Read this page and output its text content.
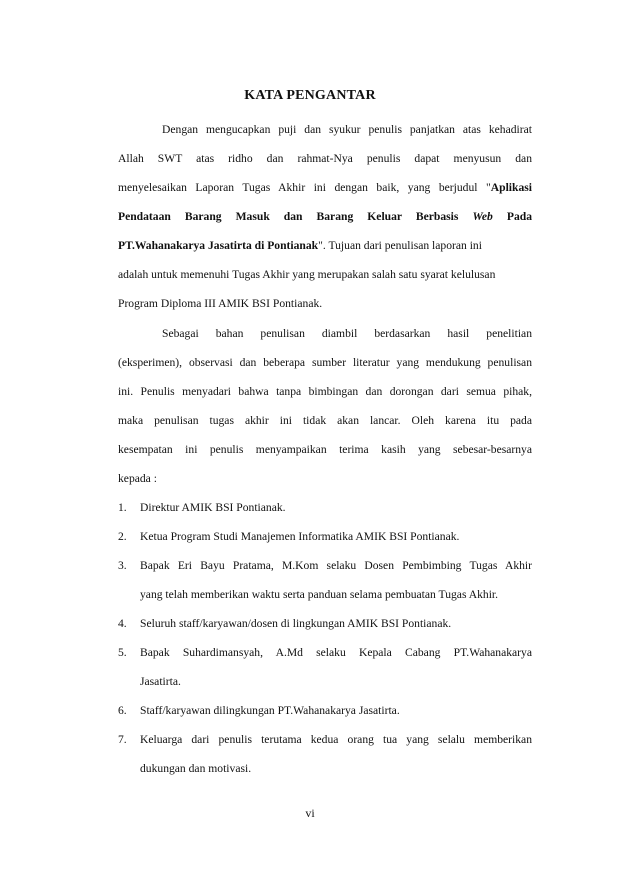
KATA PENGANTAR
Dengan mengucapkan puji dan syukur penulis panjatkan atas kehadirat
Allah SWT atas ridho dan rahmat-Nya penulis dapat menyusun dan
menyelesaikan Laporan Tugas Akhir ini dengan baik, yang berjudul "Aplikasi
Pendataan Barang Masuk dan Barang Keluar Berbasis Web Pada
PT.Wahanakarya Jasatirta di Pontianak". Tujuan dari penulisan laporan ini
adalah untuk memenuhi Tugas Akhir yang merupakan salah satu syarat kelulusan
Program Diploma III AMIK BSI Pontianak.
Sebagai bahan penulisan diambil berdasarkan hasil penelitian
(eksperimen), observasi dan beberapa sumber literatur yang mendukung penulisan
ini. Penulis menyadari bahwa tanpa bimbingan dan dorongan dari semua pihak,
maka penulisan tugas akhir ini tidak akan lancar. Oleh karena itu pada
kesempatan ini penulis menyampaikan terima kasih yang sebesar-besarnya
kepada :
1.	Direktur AMIK BSI Pontianak.
2.	Ketua Program Studi Manajemen Informatika AMIK BSI Pontianak.
3.	Bapak Eri Bayu Pratama, M.Kom selaku Dosen Pembimbing Tugas Akhir
yang telah memberikan waktu serta panduan selama pembuatan Tugas Akhir.
4.	Seluruh staff/karyawan/dosen di lingkungan AMIK BSI Pontianak.
5.	Bapak Suhardimansyah, A.Md selaku Kepala Cabang PT.Wahanakarya
Jasatirta.
6.	Staff/karyawan dilingkungan PT.Wahanakarya Jasatirta.
7.	Keluarga dari penulis terutama kedua orang tua yang selalu memberikan
dukungan dan motivasi.
vi
